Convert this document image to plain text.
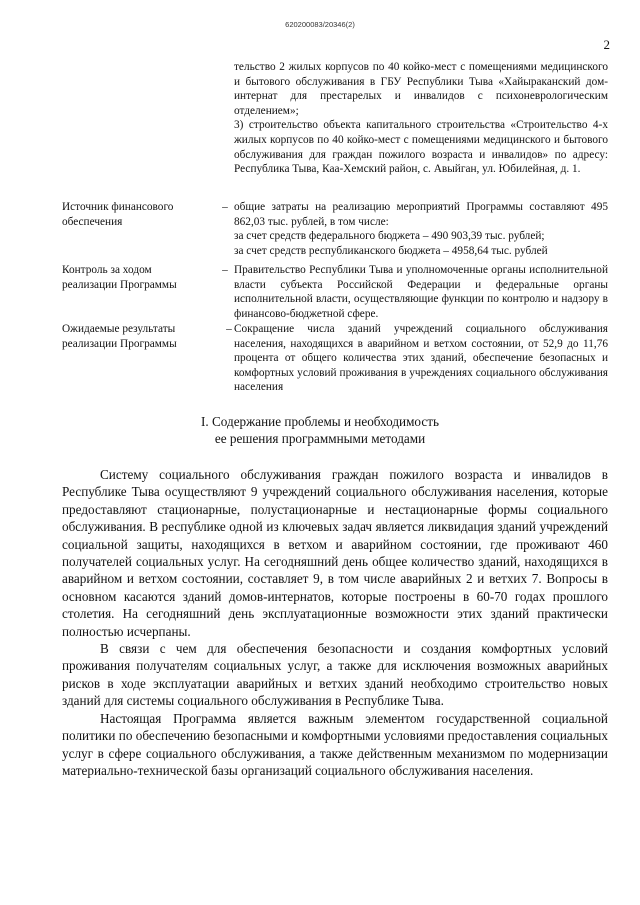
620200083/20346(2)
2

тельство 2 жилых корпусов по 40 койко-мест с помещениями медицинского и бытового обслуживания в ГБУ Республики Тыва «Хайыраканский дом-интернат для престарелых и инвалидов с психоневрологическим отделением»;

3) строительство объекта капитального строительства «Строительство 4-х жилых корпусов по 40 койко-мест с помещениями медицинского и бытового обслуживания для граждан пожилого возраста и инвалидов» по адресу: Республика Тыва, Каа-Хемский район, с. Авыйган, ул. Юбилейная, д. 1.

Источник финансового обеспечения
– общие затраты на реализацию мероприятий Программы составляют 495 862,03 тыс. рублей, в том числе:

за счет средств федерального бюджета – 490 903,39 тыс. рублей;

за счет средств республиканского бюджета – 4958,64 тыс. рублей

Контроль за ходом реализации Программы
– Правительство Республики Тыва и уполномоченные органы исполнительной власти субъекта Российской Федерации и федеральные органы исполнительной власти, осуществляющие функции по контролю и надзору в финансово-бюджетной сфере.

Ожидаемые результаты реализации Программы
– Сокращение числа зданий учреждений социального обслуживания населения, находящихся в аварийном и ветхом состоянии, от 52,9 до 11,76 процента от общего количества этих зданий, обеспечение безопасных и комфортных условий проживания в учреждениях социального обслуживания населения

I. Содержание проблемы и необходимость
ее решения программными методами

Систему социального обслуживания граждан пожилого возраста и инвалидов в Республике Тыва осуществляют 9 учреждений социального обслуживания населения, которые предоставляют стационарные, полустационарные и нестационарные формы социального обслуживания. В республике одной из ключевых задач является ликвидация зданий учреждений социальной защиты, находящихся в ветхом и аварийном состоянии, где проживают 460 получателей социальных услуг. На сегодняшний день общее количество зданий, находящихся в аварийном и ветхом состоянии, составляет 9, в том числе аварийных 2 и ветхих 7. Вопросы в основном касаются зданий домов-интернатов, которые построены в 60-70 годах прошлого столетия. На сегодняшний день эксплуатационные возможности этих зданий практически полностью исчерпаны.

В связи с чем для обеспечения безопасности и создания комфортных условий проживания получателям социальных услуг, а также для исключения возможных аварийных рисков в ходе эксплуатации аварийных и ветхих зданий необходимо строительство новых зданий для системы социального обслуживания в Республике Тыва.

Настоящая Программа является важным элементом государственной социальной политики по обеспечению безопасными и комфортными условиями предоставления социальных услуг в сфере социального обслуживания, а также действенным механизмом по модернизации материально-технической базы организаций социального обслуживания населения.
